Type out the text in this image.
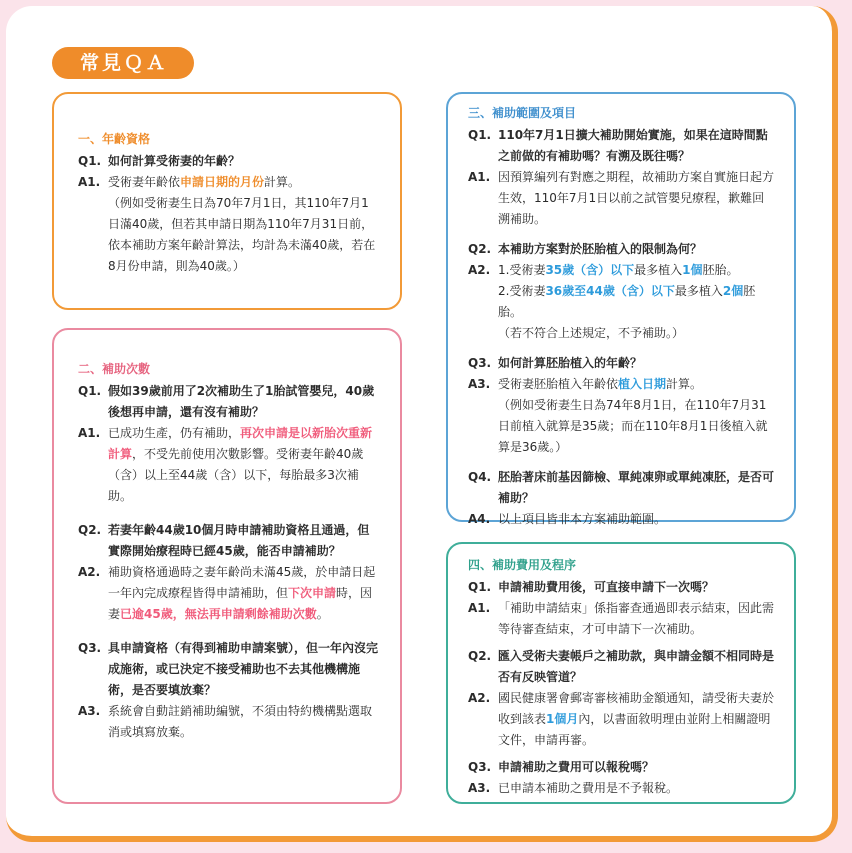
常見ＱＡ
一、年齡資格
Q1. 如何計算受術妻的年齡？
A1. 受術妻年齡依申請日期的月份計算。
（例如受術妻生日為70年7月1日，其110年7月1日滿40歲，但若其申請日期為110年7月31日前，依本補助方案年齡計算法，均計為未滿40歲，若在8月份申請，則為40歲。）
二、補助次數
Q1. 假如39歲前用了2次補助生了1胎試管嬰兒，40歲後想再申請，還有沒有補助？
A1. 已成功生產，仍有補助，再次申請是以新胎次重新計算，不受先前使用次數影響。受術妻年齡40歲（含）以上至44歲（含）以下，每胎最多3次補助。
Q2. 若妻年齡44歲10個月時申請補助資格且通過，但實際開始療程時已經45歲，能否申請補助？
A2. 補助資格通過時之妻年齡尚未滿45歲，於申請日起一年內完成療程皆得申請補助，但下次申請時，因妻已逾45歲，無法再申請剩餘補助次數。
Q3. 具申請資格（有得到補助申請案號），但一年內沒完成施術，或已決定不接受補助也不去其他機構施術，是否要填放棄？
A3. 系統會自動註銷補助編號，不須由特約機構點選取消或填寫放棄。
三、補助範圍及項目
Q1. 110年7月1日擴大補助開始實施，如果在這時間點之前做的有補助嗎？有溯及既往嗎？
A1. 因預算編列有對應之期程，故補助方案自實施日起方生效，110年7月1日以前之試管嬰兒療程，歉難回溯補助。
Q2. 本補助方案對於胚胎植入的限制為何？
A2. 1.受術妻35歲（含）以下最多植入1個胚胎。
2.受術妻36歲至44歲（含）以下最多植入2個胚胎。
（若不符合上述規定，不予補助。）
Q3. 如何計算胚胎植入的年齡？
A3. 受術妻胚胎植入年齡依植入日期計算。
（例如受術妻生日為74年8月1日，在110年7月31日前植入就算是35歲；而在110年8月1日後植入就算是36歲。）
Q4. 胚胎著床前基因篩檢、單純凍卵或單純凍胚，是否可補助？
A4. 以上項目皆非本方案補助範圍。
四、補助費用及程序
Q1. 申請補助費用後，可直接申請下一次嗎？
A1. 「補助申請結束」係指審查通過即表示結束，因此需等待審查結束，才可申請下一次補助。
Q2. 匯入受術夫妻帳戶之補助款，與申請金額不相同時是否有反映管道？
A2. 國民健康署會郵寄審核補助金額通知，請受術夫妻於收到該表1個月內，以書面敘明理由並附上相關證明文件，申請再審。
Q3. 申請補助之費用可以報稅嗎？
A3. 已申請本補助之費用是不予報稅。
